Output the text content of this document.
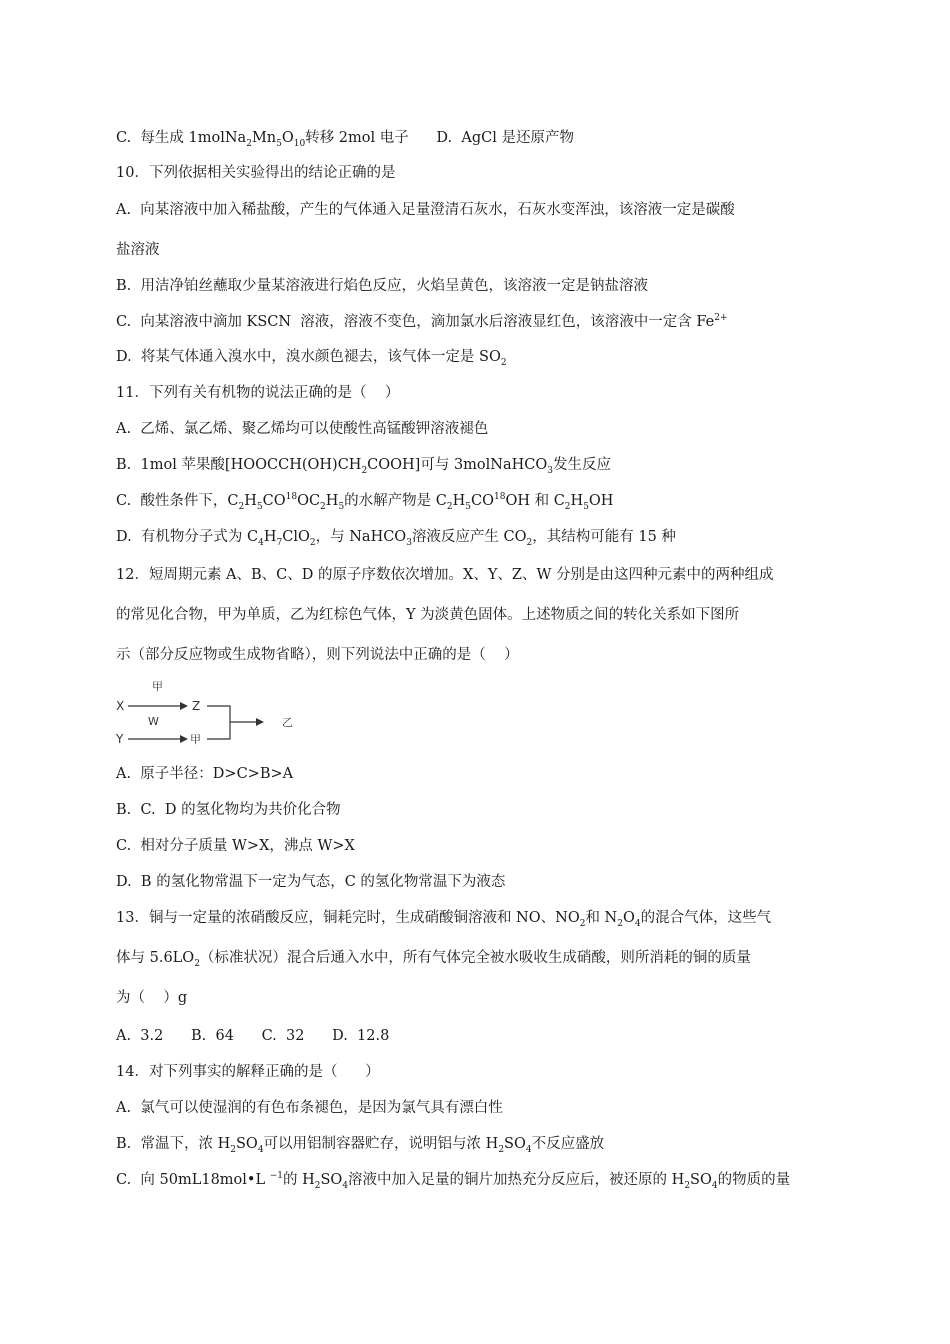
C.  每生成 $1molNa_2Mn_5O_{10}$转移 2mol 电子      D.  AgCl 是还原产物
10．下列依据相关实验得出的结论正确的是
A.  向某溶液中加入稀盐酸，产生的气体通入足量澄清石灰水，石灰水变浑浊，该溶液一定是碳酸
盐溶液
B.  用洁净铂丝蘸取少量某溶液进行焰色反应，火焰呈黄色，该溶液一定是钠盐溶液
C.  向某溶液中滴加 KSCN  溶液，溶液不变色，滴加氯水后溶液显红色，该溶液中一定含 $Fe^{2+}$
D.  将某气体通入溴水中，溴水颜色褪去，该气体一定是 $SO_2$
11．下列有关有机物的说法正确的是（    ）
A.  乙烯、氯乙烯、聚乙烯均可以使酸性高锰酸钾溶液褪色
B.  1mol 苹果酸$[HOOCCH(OH)CH_2COOH]$可与 3molNaHCO$_3$发生反应
C.  酸性条件下，$C_2H_5CO^{18}OC_2H_5$的水解产物是 $C_2H_5CO^{18}OH$ 和 $C_2H_5OH$
D.  有机物分子式为 $C_4H_7ClO_2$，与 NaHCO$_3$溶液反应产生 $CO_2$，其结构可能有 15 种
12．短周期元素 A、B、C、D 的原子序数依次增加。X、Y、Z、W 分别是由这四种元素中的两种组成
的常见化合物，甲为单质，乙为红棕色气体，Y 为淡黄色固体。上述物质之间的转化关系如下图所
示（部分反应物或生成物省略），则下列说法中正确的是（    ）
A.  原子半径：D>C>B>A
B.  C.  D 的氢化物均为共价化合物
C.  相对分子质量 W>X，沸点 W>X
D.  B 的氢化物常温下一定为气态，C 的氢化物常温下为液态
13．铜与一定量的浓硝酸反应，铜耗完时，生成硝酸铜溶液和 NO、$NO_2$和 $N_2O_4$的混合气体，这些气
体与 $5.6LO_2$（标准状况）混合后通入水中，所有气体完全被水吸收生成硝酸，则所消耗的铜的质量
为（    ）g
A.  3.2      B.  64      C.  32      D.  12.8
14．对下列事实的解释正确的是（      ）
A.  氯气可以使湿润的有色布条褪色，是因为氯气具有漂白性
B.  常温下，浓 $H_2SO_4$可以用铝制容器贮存，说明铝与浓 $H_2SO_4$不反应盛放
C.  向 50mL18mol•L $^{-1}$的 $H_2SO_4$溶液中加入足量的铜片加热充分反应后，被还原的 $H_2SO_4$的物质的量
甲
X	Z
W
Y	甲
乙
